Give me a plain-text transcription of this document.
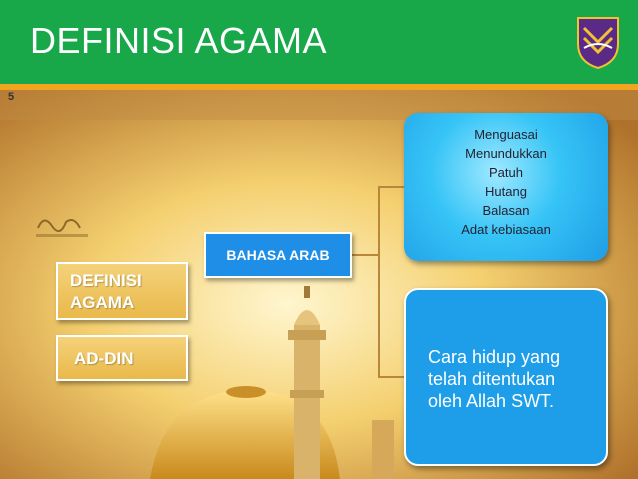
DEFINISI AGAMA
5
DEFINISI AGAMA
AD-DIN
BAHASA ARAB
Menguasai
Menundukkan
Patuh
Hutang
Balasan
Adat kebiasaan
Cara hidup yang telah ditentukan oleh Allah SWT.
